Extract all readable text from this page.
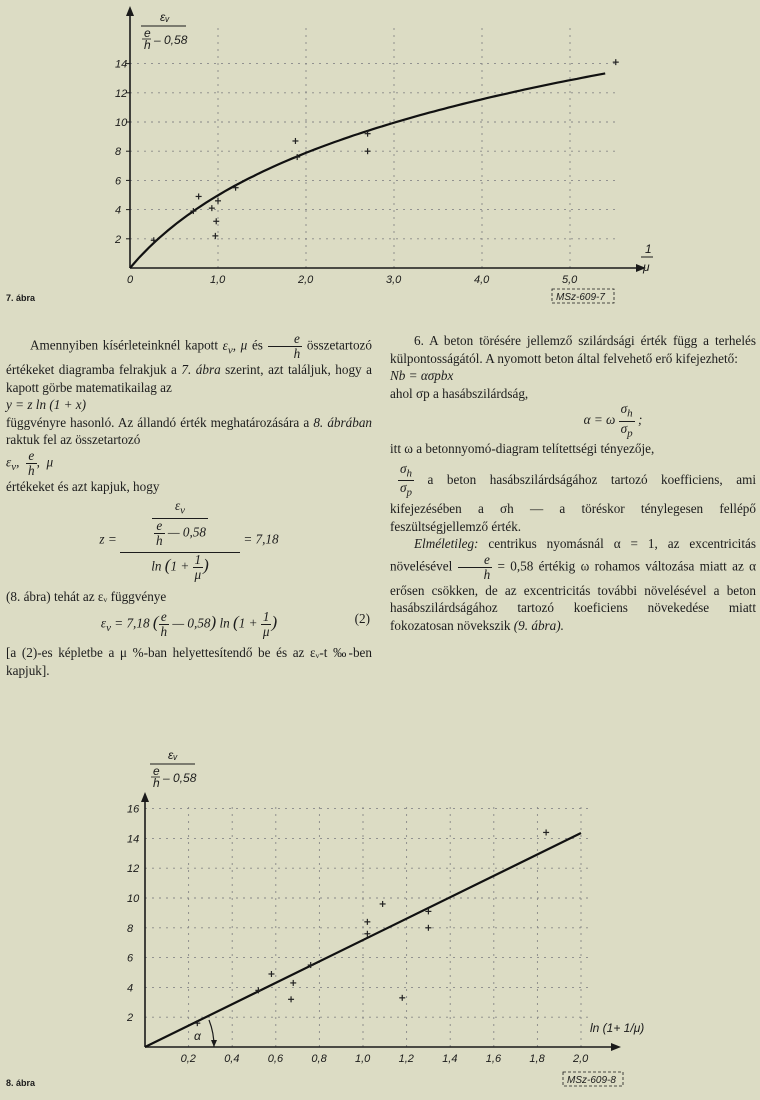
1,0	2,0	3,0	4,0	5,0
2
4
6
8
10
12
14
0
εᵥ
e
h – 0,58
1
μ
7. ábra	MSz-609-7

Amennyiben kísérleteinknél kapott $\varepsilon_v$, μ és $\frac{e}{h}$ összetartozó értékeket diagramba felrakjuk a 7. ábra szerint, azt találjuk, hogy a kapott görbe matematikailag az

y = z ln (1 + x)

függvényre hasonló. Az állandó érték meghatározására a 8. ábrában raktuk fel az összetartozó

$\varepsilon_v$, $\frac{e}{h}$ ,  μ

értékeket és azt kapjuk, hogy

$z = \frac{\frac{\varepsilon_v}{\frac{e}{h} — 0,58}}{\ln (1 + \frac{1}{\mu} )} = 7,18$

(8. ábra) tehát az εᵥ függvénye

$\varepsilon_v = 7,18$ ( $\frac{e}{h}$ — 0,58) $\ln (1 + \frac{1}{\mu}$ )	(2)

[a (2)-es képletbe a μ %-ban helyettesítendő be és az εᵥ-t ‰-ben kapjuk].

6. A beton törésére jellemző szilárdsági érték függ a terhelés külpontosságától. A nyomott beton által felvehető erő kifejezhető:

Nb = ασpbx

ahol σp a hasábszilárdság,

α = ω $\frac{\sigma_h}{\sigma_p}$ ;

itt ω a betonnyomó-diagram telítettségi tényezője,

$\frac{\sigma_h}{\sigma_p}$ a beton hasábszilárdságához tartozó koefficiens, ami kifejezésében a σh — a töréskor ténylegesen fellépő feszültségjellemző érték.

Elméletileg: centrikus nyomásnál α = 1, az excentricitás növelésével $\frac{e}{h} = 0,58$ értékig ω rohamos változása miatt az α erősen csökken, de az excentricitás további növelésével a beton hasábszilárdságához tartozó koeficiens növekedése miatt fokozatosan növekszik (9. ábra).

0,2	0,4	0,6	0,8	1,0	1,2	1,4	1,6	1,8	2,0
2
4
6
8
10
12
14
16
α
εᵥ
e
h – 0,58
ln (1+ 1/μ)
8. ábra	MSz-609-8
